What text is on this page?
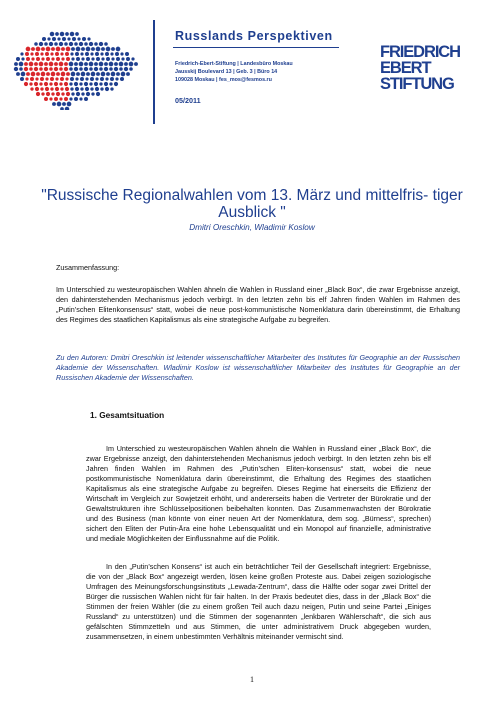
Russlands Perspektiven
Friedrich-Ebert-Stiftung | Landesbüro Moskau
Jausskij Boulevard 13 | Geb. 3 | Büro 14
109028 Moskau | fes_mos@fesmos.ru
05/2011
FRIEDRICH
EBERT
STIFTUNG
"Russische Regionalwahlen vom 13. März und mittelfris- tiger Ausblick "
Dmitri Oreschkin, Wladimir Koslow
Zusammenfassung:
Im Unterschied zu westeuropäischen Wahlen ähneln die Wahlen in Russland einer „Black Box“, die zwar Ergebnisse anzeigt, den dahinterstehenden Mechanismus jedoch verbirgt. In den letzten zehn bis elf Jahren finden Wahlen im Rahmen des „Putin’schen Elitenkonsensus“ statt, wobei die neue post-kommunistische Nomenklatura darin übereinstimmt, die Erhaltung des Regimes des staatlichen Kapitalismus als eine strategische Aufgabe zu begreifen.
Zu den Autoren: Dmitri Oreschkin ist leitender wissenschaftlicher Mitarbeiter des Institutes für Geographie an der Russischen Akademie der Wissenschaften. Wladimir Koslow ist wissenschaftlicher Mitarbeiter des Institutes für Geographie an der Russischen Akademie der Wissenschaften.
1. Gesamtsituation
Im Unterschied zu westeuropäischen Wahlen ähneln die Wahlen in Russland einer „Black Box“, die zwar Ergebnisse anzeigt, den dahinterstehenden Mechanismus jedoch verbirgt. In den letzten zehn bis elf Jahren finden Wahlen im Rahmen des „Putin’schen Eliten-konsensus“ statt, wobei die neue postkommunistische Nomenklatura darin übereinstimmt, die Erhaltung des Regimes des staatlichen Kapitalismus als eine strategische Aufgabe zu begreifen. Dieses Regime hat einerseits die Effizienz der Wirtschaft im Vergleich zur Sowjetzeit erhöht, und andererseits haben die Vertreter der Bürokratie und der Gewaltstrukturen ihre Schlüsselpositionen beibehalten konnten. Das Zusammenwachsten der Bürokratie und des Business (man könnte von einer neuen Art der Nomenklatura, dem sog. „Bürness“, sprechen) sichert den Eliten der Putin-Ära eine hohe Lebensqualität und ein Monopol auf finanzielle, administrative und mediale Möglichkeiten der Einflussnahme auf die Politik.
In den „Putin’schen Konsens“ ist auch ein beträchtlicher Teil der Gesellschaft integriert: Ergebnisse, die von der „Black Box“ angezeigt werden, lösen keine großen Proteste aus. Dabei zeigen soziologische Umfragen des Meinungsforschungsinstituts „Lewada-Zentrum“, dass die Hälfte oder sogar zwei Drittel der Bürger die russischen Wahlen nicht für fair halten. In der Praxis bedeutet dies, dass in der „Black Box“ die Stimmen der freien Wähler (die zu einem großen Teil auch dazu neigen, Putin und seine Partei „Einiges Russland“ zu unterstützen) und die Stimmen der sogenannten „lenkbaren Wählerschaft“, die sich aus gefälschten Stimmzetteln und aus Stimmen, die unter administrativem Druck abgegeben wurden, zusammensetzen, in einem unbestimmten Verhältnis miteinander vermischt sind.
1
